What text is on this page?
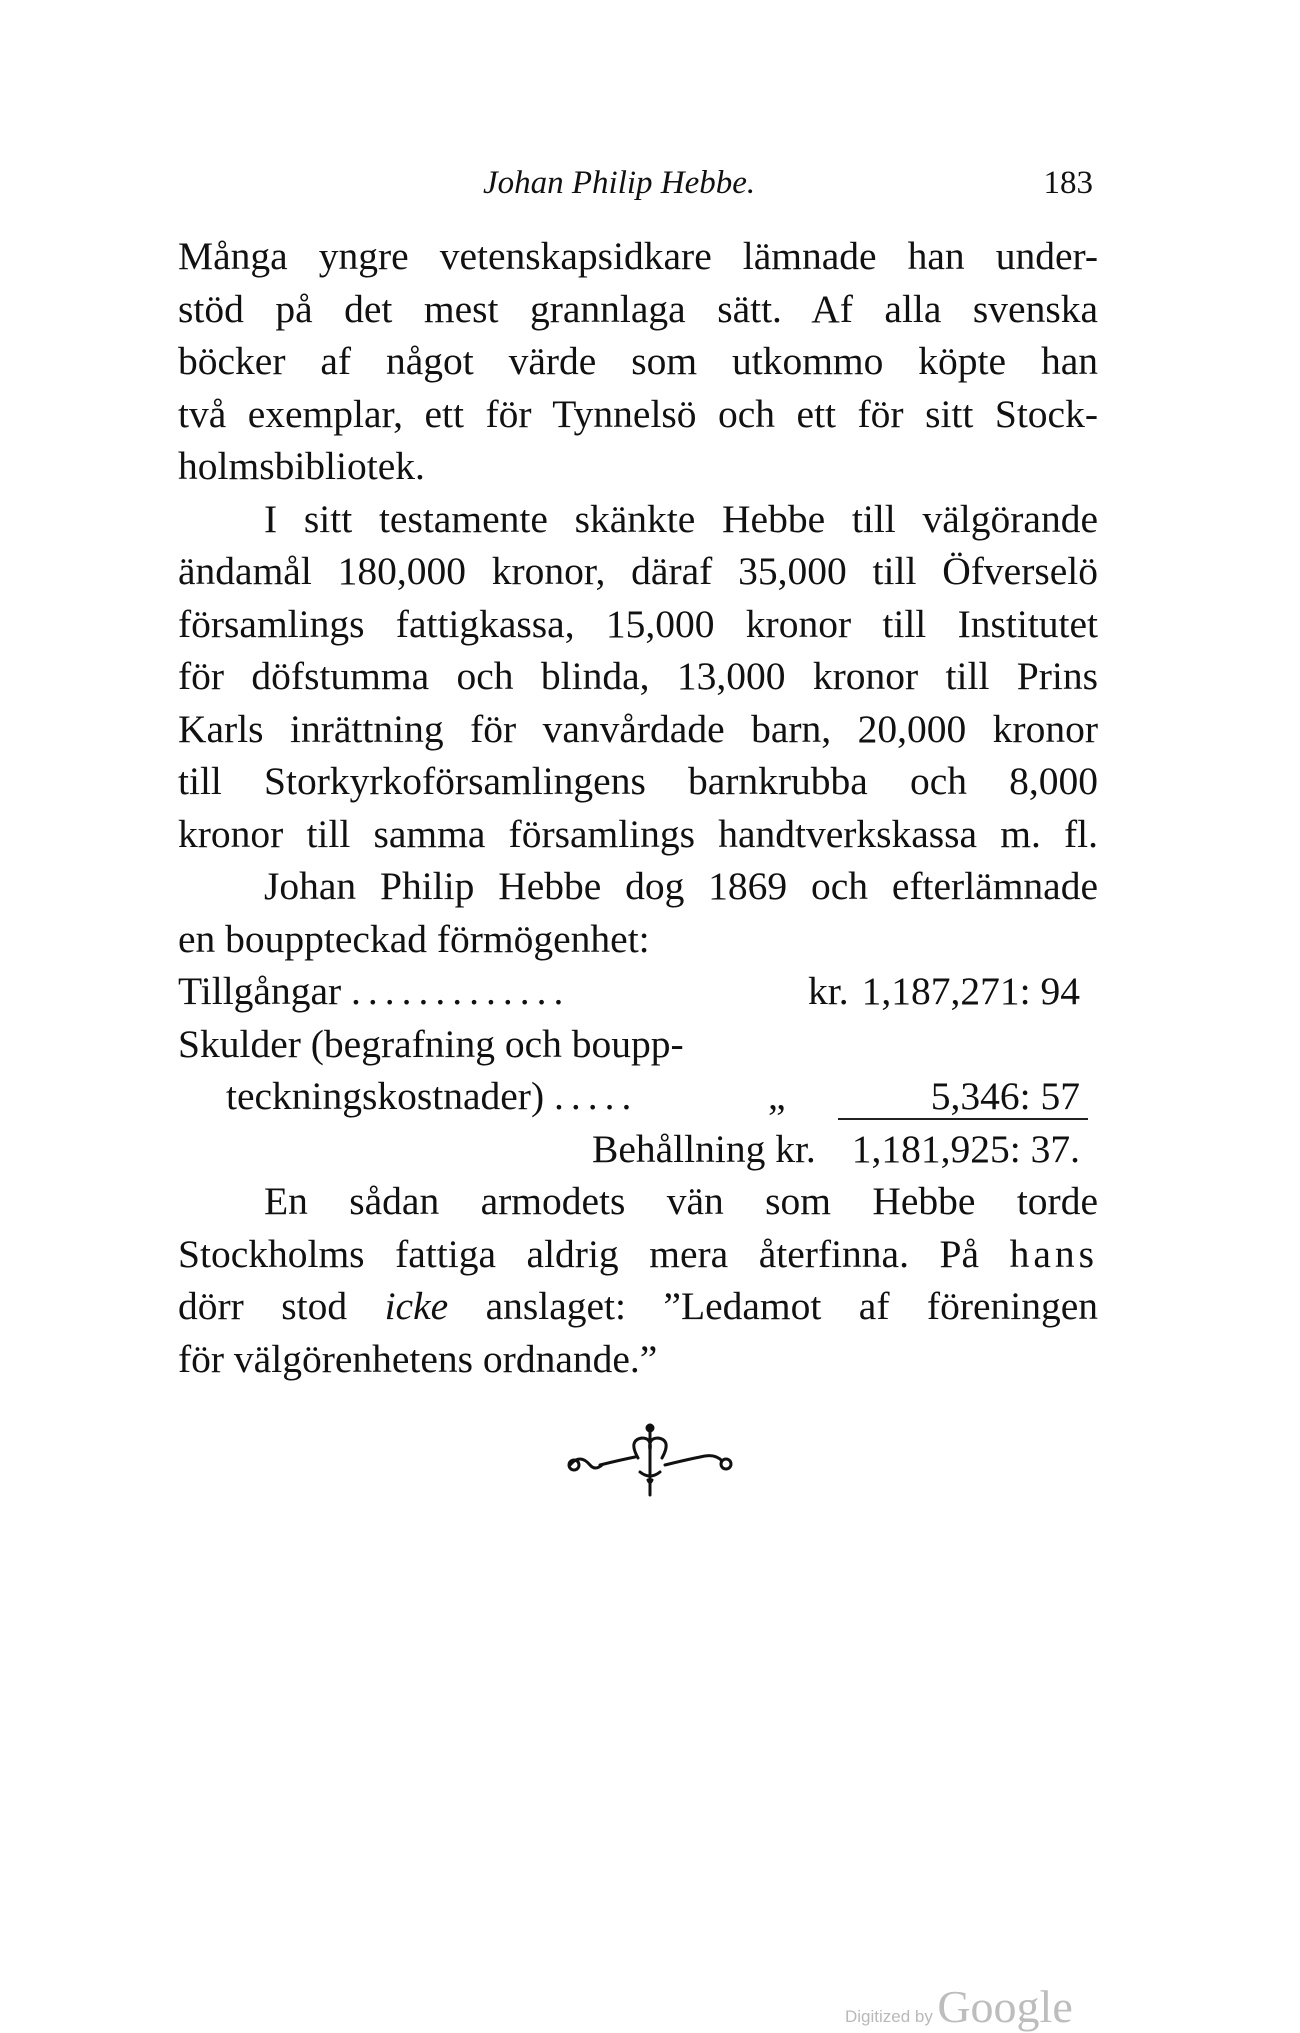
Johan Philip Hebbe.	183
Många yngre vetenskapsidkare lämnade han under-
stöd på det mest grannlaga sätt. Af alla svenska
böcker af något värde som utkommo köpte han
två exemplar, ett för Tynnelsö och ett för sitt Stock-
holmsbibliotek.
I sitt testamente skänkte Hebbe till välgörande
ändamål 180,000 kronor, däraf 35,000 till Öfverselö
församlings fattigkassa, 15,000 kronor till Institutet
för döfstumma och blinda, 13,000 kronor till Prins
Karls inrättning för vanvårdade barn, 20,000 kronor
till Storkyrkoförsamlingens barnkrubba och 8,000
kronor till samma församlings handtverkskassa m. fl.
Johan Philip Hebbe dog 1869 och efterlämnade
en bouppteckad förmögenhet:
Tillgångar .............	kr. 1,187,271: 94
Skulder (begrafning och boupp-
teckningskostnader) .....	„	5,346: 57
Behållning kr. 1,181,925: 37.
En sådan armodets vän som Hebbe torde
Stockholms fattiga aldrig mera återfinna. På hans
dörr stod icke anslaget: ”Ledamot af föreningen
för välgörenhetens ordnande.”
Digitized by Google
